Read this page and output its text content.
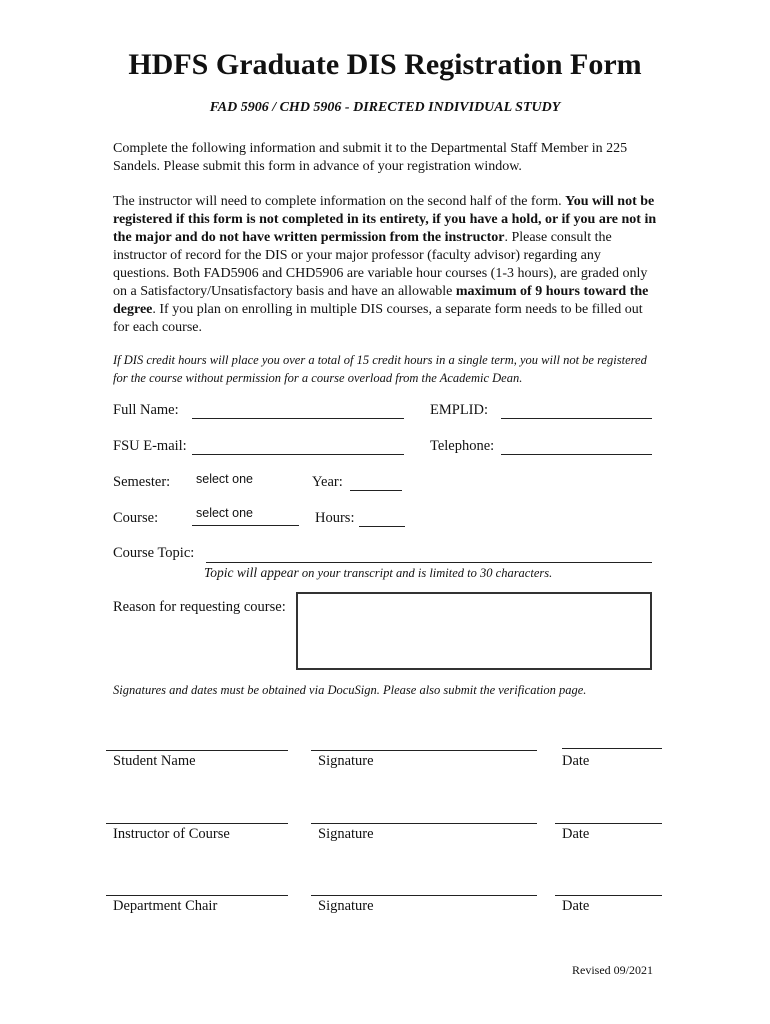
HDFS Graduate DIS Registration Form
FAD 5906 / CHD 5906 - DIRECTED INDIVIDUAL STUDY
Complete the following information and submit it to the Departmental Staff Member in 225 Sandels. Please submit this form in advance of your registration window.
The instructor will need to complete information on the second half of the form. You will not be registered if this form is not completed in its entirety, if you have a hold, or if you are not in the major and do not have written permission from the instructor. Please consult the instructor of record for the DIS or your major professor (faculty advisor) regarding any questions. Both FAD5906 and CHD5906 are variable hour courses (1-3 hours), are graded only on a Satisfactory/Unsatisfactory basis and have an allowable maximum of 9 hours toward the degree. If you plan on enrolling in multiple DIS courses, a separate form needs to be filled out for each course.
If DIS credit hours will place you over a total of 15 credit hours in a single term, you will not be registered for the course without permission for a course overload from the Academic Dean.
Full Name:	EMPLID:
FSU E-mail:	Telephone:
Semester: select one	Year:
Course:	select one	Hours:
Course Topic:
Topic will appear on your transcript and is limited to 30 characters.
Reason for requesting course:
Signatures and dates must be obtained via DocuSign. Please also submit the verification page.
Student Name	Signature	Date
Instructor of Course	Signature	Date
Department Chair	Signature	Date
Revised 09/2021
